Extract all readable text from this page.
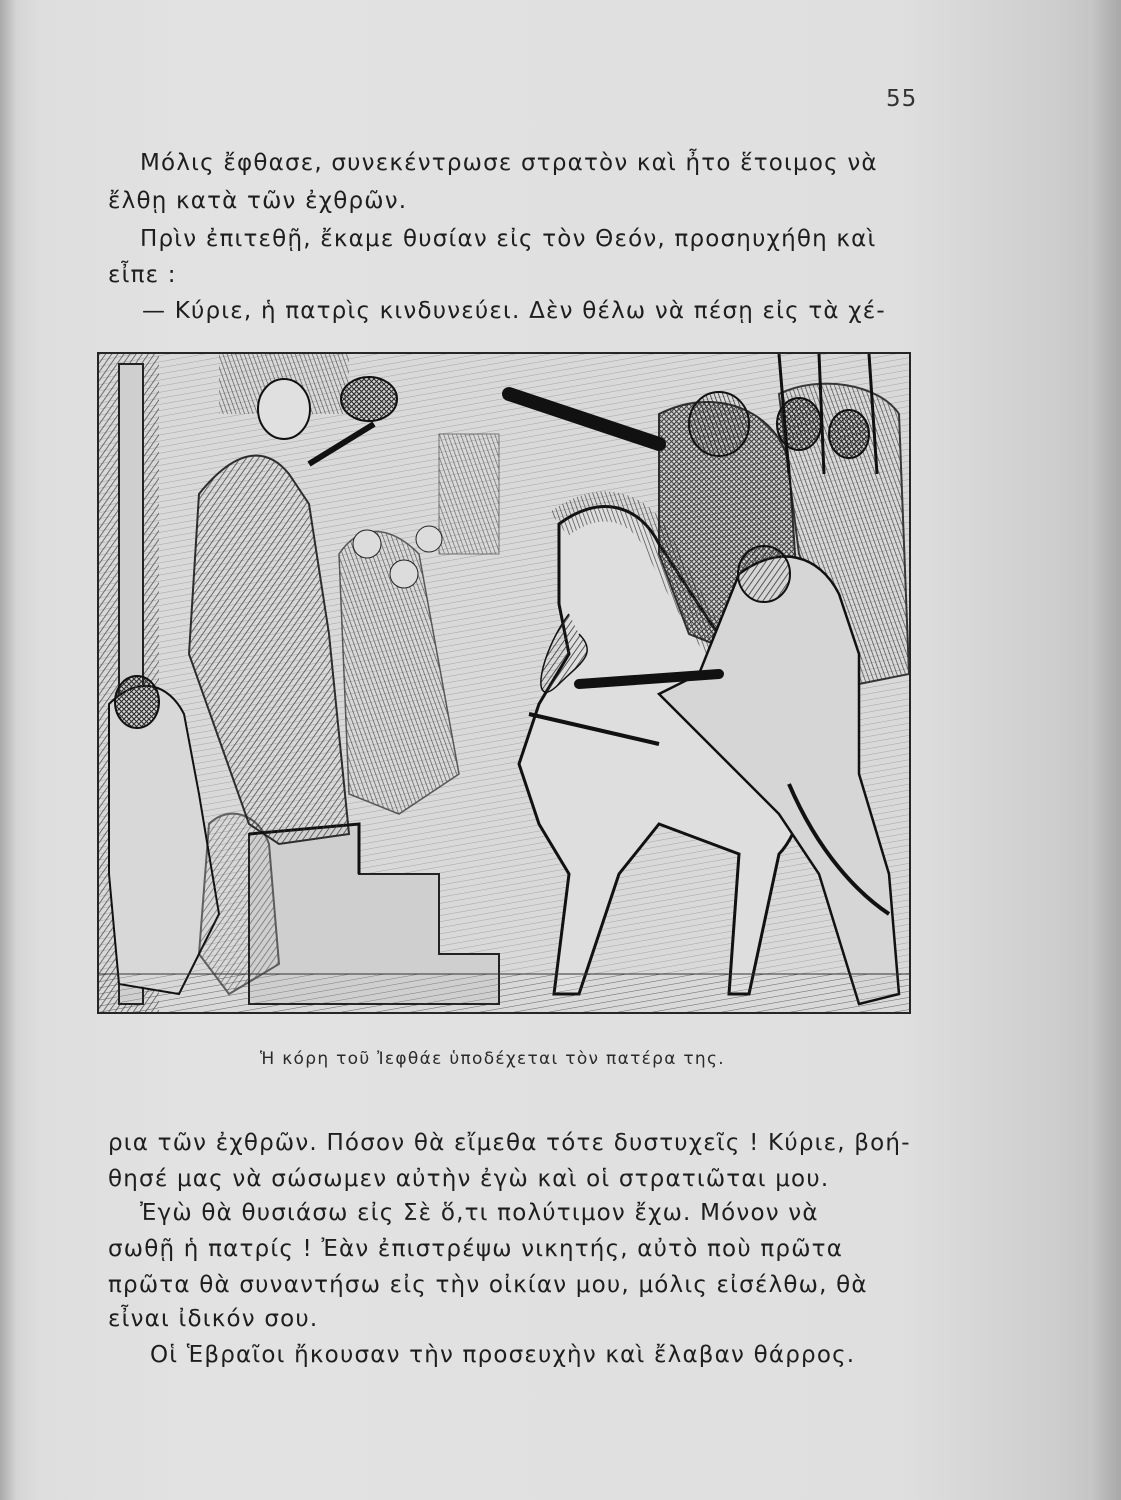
55
Μόλις ἔφθασε, συνεκέντρωσε στρατὸν καὶ ἦτο ἕτοιμος νὰ
ἔλθῃ κατὰ τῶν ἐχθρῶν.
Πρὶν ἐπιτεθῇ, ἔκαμε θυσίαν εἰς τὸν Θεόν, προσηυχήθη καὶ
εἶπε :
— Κύριε, ἡ πατρὶς κινδυνεύει. Δὲν θέλω νὰ πέσῃ εἰς τὰ χέ-
Ἡ κόρη τοῦ Ἰεφθάε ὑποδέχεται τὸν πατέρα της.
ρια τῶν ἐχθρῶν. Πόσον θὰ εἴμεθα τότε δυστυχεῖς ! Κύριε, βοή-
θησέ μας νὰ σώσωμεν αὐτὴν ἐγὼ καὶ οἱ στρατιῶται μου.
Ἐγὼ θὰ θυσιάσω εἰς Σὲ ὅ,τι πολύτιμον ἔχω. Μόνον νὰ
σωθῇ ἡ πατρίς ! Ἐὰν ἐπιστρέψω νικητής, αὐτὸ ποὺ πρῶτα
πρῶτα θὰ συναντήσω εἰς τὴν οἰκίαν μου, μόλις εἰσέλθω, θὰ
εἶναι ἰδικόν σου.
Οἱ Ἑβραῖοι ἤκουσαν τὴν προσευχὴν καὶ ἔλαβαν θάρρος.
